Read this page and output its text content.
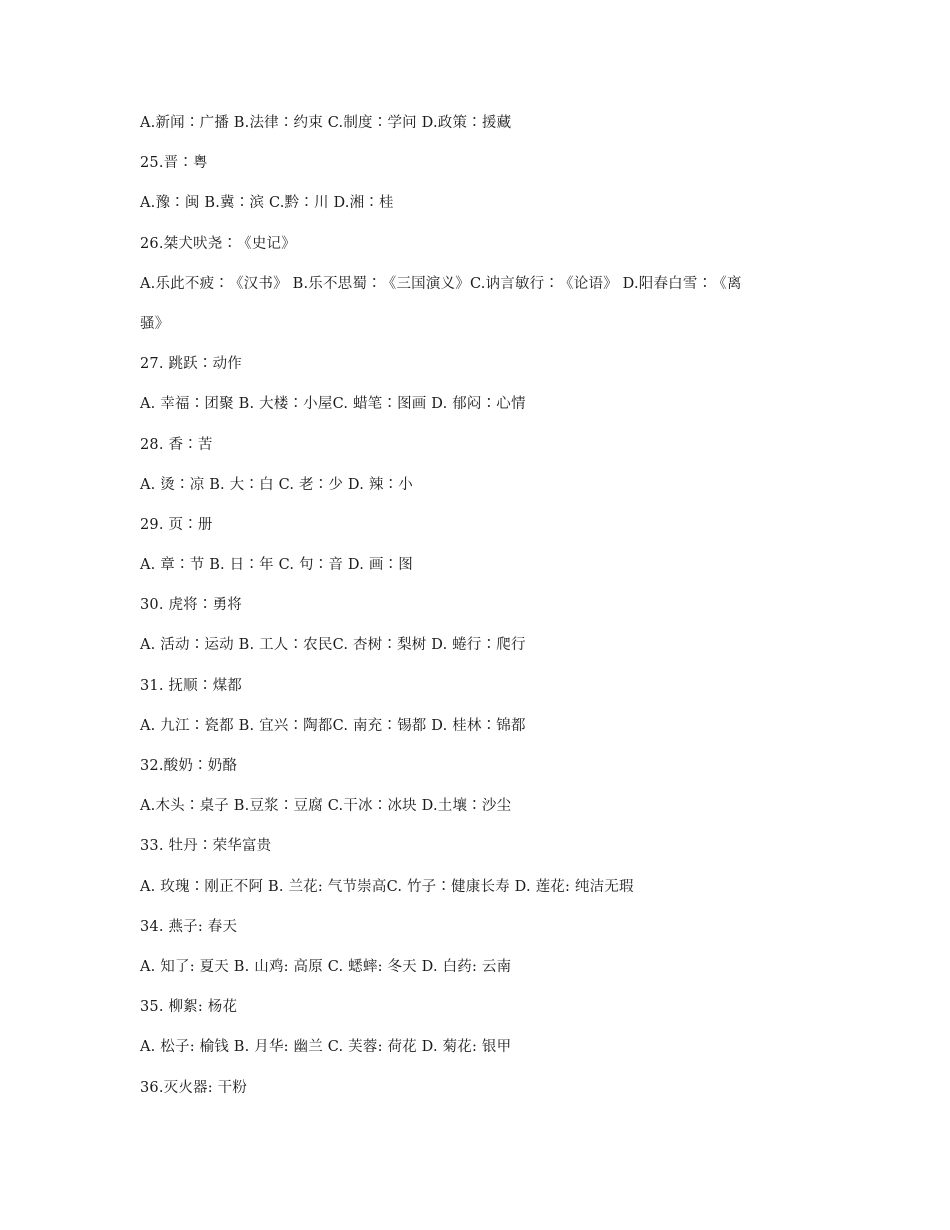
A.新闻∶广播 B.法律∶约束 C.制度∶学问 D.政策∶援藏
25.晋∶粤
A.豫∶闽 B.冀∶滨 C.黔∶川 D.湘∶桂
26.桀犬吠尧∶《史记》
A.乐此不疲∶《汉书》 B.乐不思蜀∶《三国演义》C.讷言敏行∶《论语》 D.阳春白雪∶《离
骚》
27. 跳跃∶动作
A. 幸福∶团聚 B. 大楼∶小屋C. 蜡笔∶图画 D. 郁闷∶心情
28. 香∶苦
A. 烫∶凉 B. 大∶白 C. 老∶少 D. 辣∶小
29. 页∶册
A. 章∶节 B. 日∶年 C. 句∶音 D. 画∶图
30. 虎将∶勇将
A. 活动∶运动 B. 工人∶农民C. 杏树∶梨树 D. 蜷行∶爬行
31. 抚顺∶煤都
A. 九江∶瓷都 B. 宜兴∶陶都C. 南充∶锡都 D. 桂林∶锦都
32.酸奶∶奶酪
A.木头∶桌子 B.豆浆∶豆腐 C.干冰∶冰块 D.土壤∶沙尘
33. 牡丹∶荣华富贵
A. 玫瑰∶刚正不阿 B. 兰花: 气节崇高C. 竹子∶健康长寿 D. 莲花: 纯洁无瑕
34. 燕子: 春天
A. 知了: 夏天 B. 山鸡: 高原 C. 蟋蟀: 冬天 D. 白药: 云南
35. 柳絮: 杨花
A. 松子: 榆钱 B. 月华: 幽兰 C. 芙蓉: 荷花 D. 菊花: 银甲
36.灭火器: 干粉
